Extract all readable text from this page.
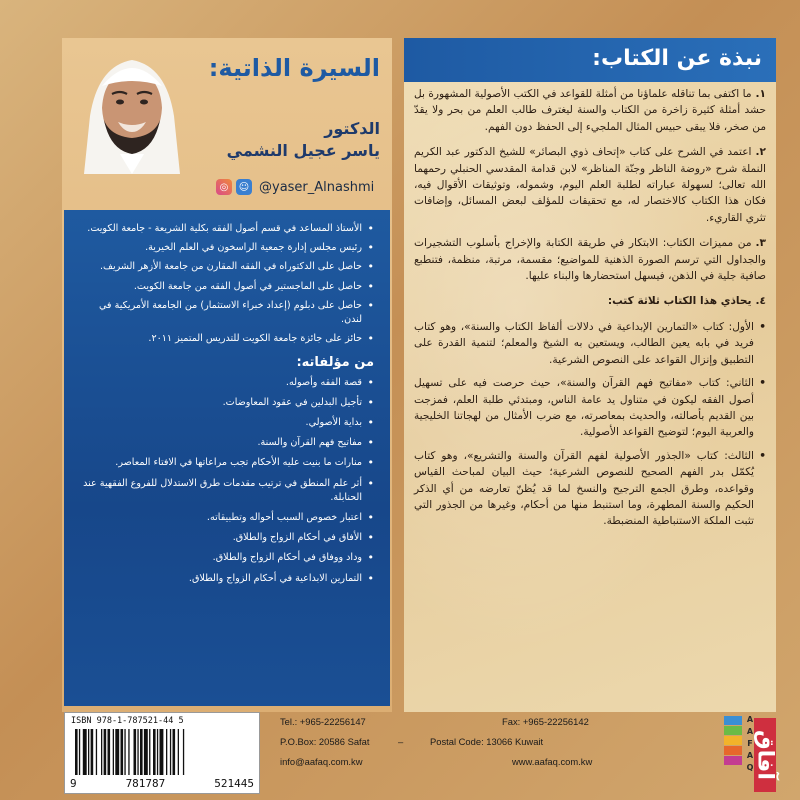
نبذة عن الكتاب:

١.ما اكتفى بما تناقله علماؤنا من أمثلة للقواعد في الكتب الأصولية المشهورة بل حشد أمثلة كثيرة زاخرة من الكتاب والسنة ليغترف طالب العلم من بحر ولا يقدّ من صخر، فلا يبقى حبيس المثال الملجيء إلى الحفظ دون الفهم.

٢.اعتمد في الشرح على كتاب «إتحاف ذوي البصائر» للشيخ الدكتور عبد الكريم النملة شرح «روضة الناظر وجنّة المناظر» لابن قدامة المقدسي الحنبلي رحمهما الله تعالى؛ لسهولة عباراته لطلبة العلم اليوم، وشموله، وتوثيقات الأقوال فيه، فكان هذا الكتاب كالاختصار له، مع تحقيقات للمؤلف لبعض المسائل، وإضافات تثري القاريء.

٣.من مميزات الكتاب: الابتكار في طريقة الكتابة والإخراج بأسلوب التشجيرات والجداول التي ترسم الصورة الذهنية للمواضيع؛ مقسمة، مرتبة، منظمة، فتنطبع صافية جلية في الذهن، فيسهل استحضارها والبناء عليها.

٤.يحاذي هذا الكتاب ثلاثة كتب:

• الأول: كتاب «التمارين الإبداعية في دلالات ألفاظ الكتاب والسنة»، وهو كتاب فريد في بابه يعين الطالب، ويستعين به الشيخ والمعلم؛ لتنمية القدرة على التطبيق وإنزال القواعد على النصوص الشرعية.

• الثاني: كتاب «مفاتيح فهم القرآن والسنة»، حيث حرصت فيه على تسهيل أصول الفقه ليكون في متناول يد عامة الناس، ومبتدئي طلبة العلم، فمزجت بين القديم بأصالته، والحديث بمعاصرته، مع ضرب الأمثال من لهجاتنا الخليجية والعربية اليوم؛ لتوضيح القواعد الأصولية.

• الثالث: كتاب «الجذور الأصولية لفهم القرآن والسنة والتشريع»، وهو كتاب يُكمّل بدر الفهم الصحيح للنصوص الشرعية؛ حيث البيان لمباحث القياس وقواعده، وطرق الجمع الترجيح والنسخ لما قد يُظنّ تعارضه من أي الذكر الحكيم والسنة المطهرة، وما استنبط منها من أحكام، وغيرها من الجذور التي تثبت الملكة الاستنباطية المنضبطة.

السيرة الذاتية:
الدكتور
ياسر عجيل النشمي
◎	☺ @yaser_Alnashmi
• الأستاذ المساعد في قسم أصول الفقه بكلية الشريعة - جامعة الكويت.
• رئيس مجلس إدارة جمعية الراسخون في العلم الخيرية.
• حاصل على الدكتوراه في الفقه المقارن من جامعة الأزهر الشريف.
• حاصل على الماجستير في أصول الفقه من جامعة الكويت.
• حاصل على دبلوم (إعداد خبراء الاستثمار) من الجامعة الأمريكية في لندن.
• حائز على جائزة جامعة الكويت للتدريس المتميز ٢٠١١.
من مؤلفاته:
• قصة الفقه وأصوله.
• تأجيل البدلين في عقود المعاوضات.
• بداية الأصولي.
• مفاتيح فهم القرآن والسنة.
• منارات ما بنيت عليه الأحكام تجب مراعاتها في الافتاء المعاصر.
• أثر علم المنطق في ترتيب مقدمات طرق الاستدلال للفروع الفقهية عند الحنابلة.
• اعتبار خصوص السبب أحواله وتطبيقاته.
• الأفاق في أحكام الزواج والطلاق.
• وداد ووفاق في أحكام الزواج والطلاق.
• التمارين الابداعية في أحكام الزواج والطلاق.
ISBN 978-1-787521-44 5
9	781787	521445
Tel.: +965-22256147	Fax: +965-22256142
P.O.Box: 20586 Safat	–	Postal Code: 13066 Kuwait
info@aafaq.com.kw	www.aafaq.com.kw
A
A
F
A
Q آفاق
